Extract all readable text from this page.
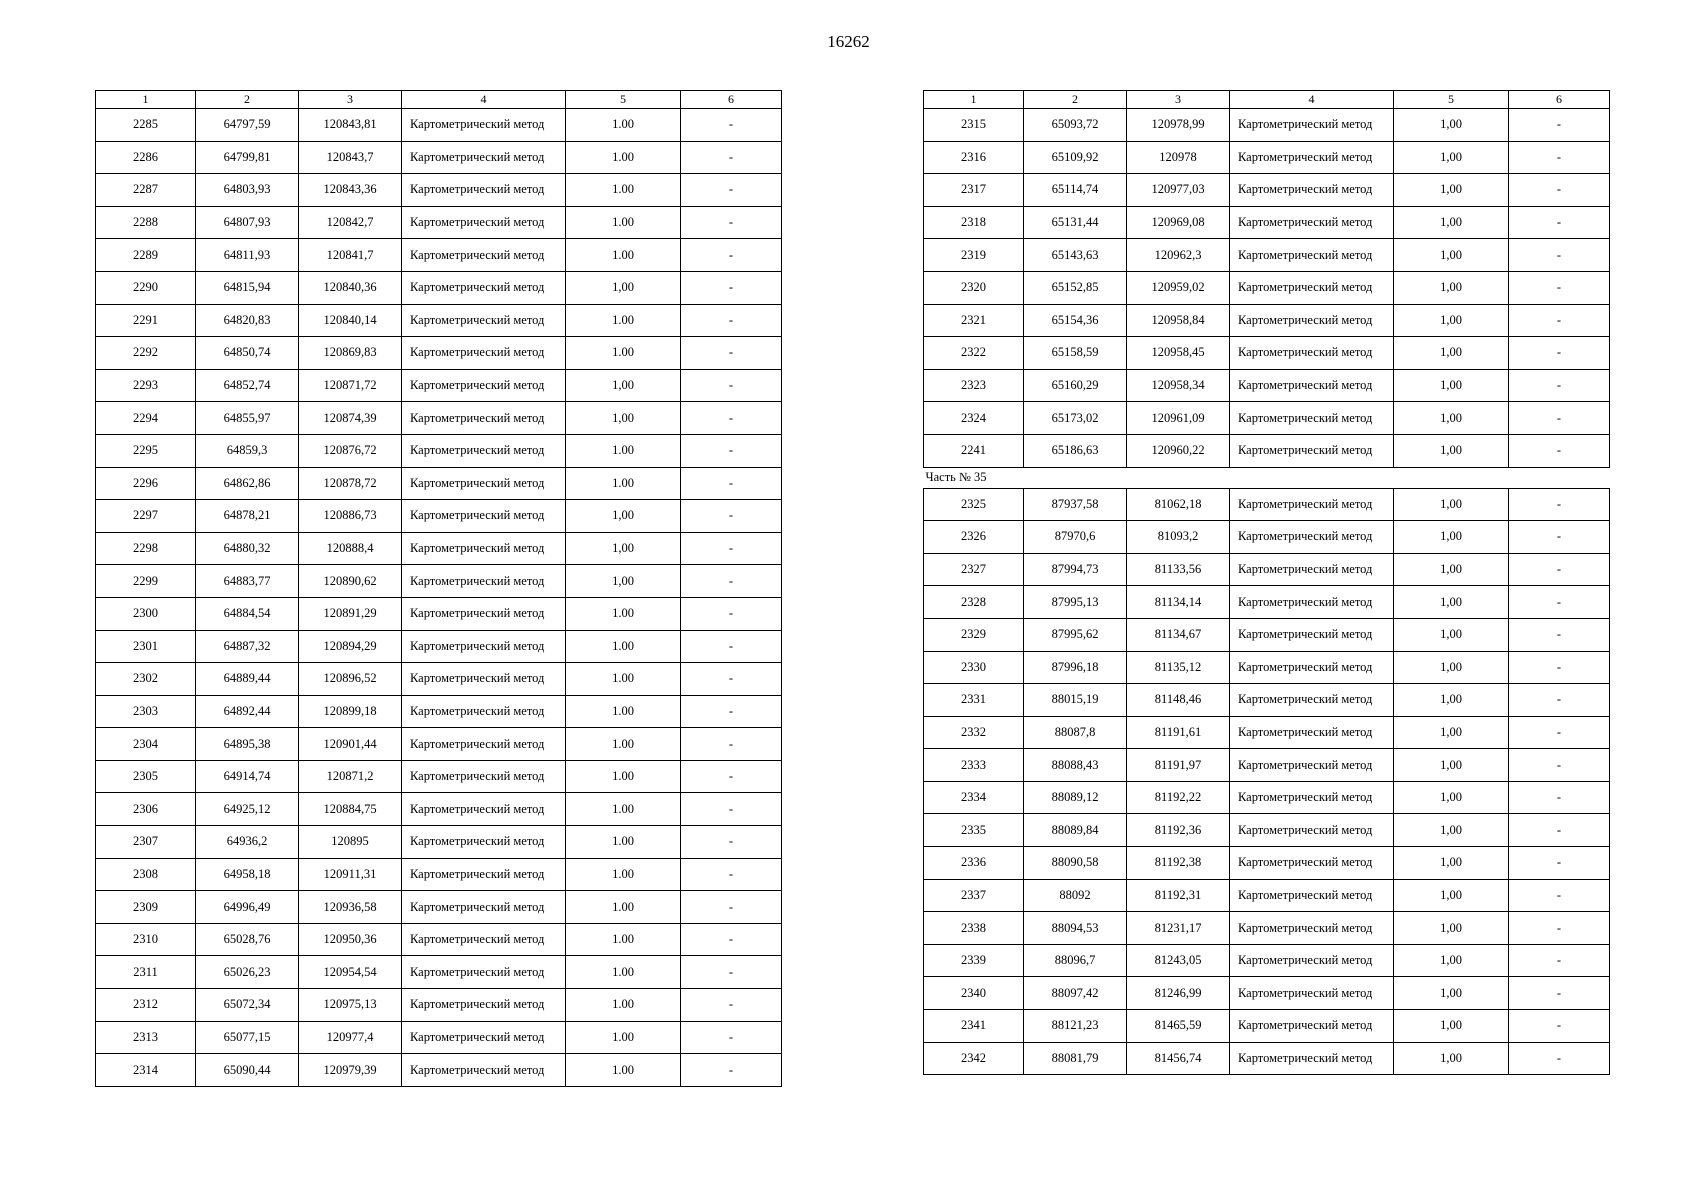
16262
1	2	3	4	5	6
2285	64797,59	120843,81	Картометрический метод	1.00	-
2286	64799,81	120843,7	Картометрический метод	1.00	-
2287	64803,93	120843,36	Картометрический метод	1.00	-
2288	64807,93	120842,7	Картометрический метод	1.00	-
2289	64811,93	120841,7	Картометрический метод	1.00	-
2290	64815,94	120840,36	Картометрический метод	1,00	-
2291	64820,83	120840,14	Картометрический метод	1.00	-
2292	64850,74	120869,83	Картометрический метод	1.00	-
2293	64852,74	120871,72	Картометрический метод	1,00	-
2294	64855,97	120874,39	Картометрический метод	1,00	-
2295	64859,3	120876,72	Картометрический метод	1.00	-
2296	64862,86	120878,72	Картометрический метод	1.00	-
2297	64878,21	120886,73	Картометрический метод	1,00	-
2298	64880,32	120888,4	Картометрический метод	1,00	-
2299	64883,77	120890,62	Картометрический метод	1,00	-
2300	64884,54	120891,29	Картометрический метод	1.00	-
2301	64887,32	120894,29	Картометрический метод	1.00	-
2302	64889,44	120896,52	Картометрический метод	1.00	-
2303	64892,44	120899,18	Картометрический метод	1.00	-
2304	64895,38	120901,44	Картометрический метод	1.00	-
2305	64914,74	120871,2	Картометрический метод	1.00	-
2306	64925,12	120884,75	Картометрический метод	1.00	-
2307	64936,2	120895	Картометрический метод	1.00	-
2308	64958,18	120911,31	Картометрический метод	1.00	-
2309	64996,49	120936,58	Картометрический метод	1.00	-
2310	65028,76	120950,36	Картометрический метод	1.00	-
2311	65026,23	120954,54	Картометрический метод	1.00	-
2312	65072,34	120975,13	Картометрический метод	1.00	-
2313	65077,15	120977,4	Картометрический метод	1.00	-
2314	65090,44	120979,39	Картометрический метод	1.00	-
1	2	3	4	5	6
2315	65093,72	120978,99	Картометрический метод	1,00	-
2316	65109,92	120978	Картометрический метод	1,00	-
2317	65114,74	120977,03	Картометрический метод	1,00	-
2318	65131,44	120969,08	Картометрический метод	1,00	-
2319	65143,63	120962,3	Картометрический метод	1,00	-
2320	65152,85	120959,02	Картометрический метод	1,00	-
2321	65154,36	120958,84	Картометрический метод	1,00	-
2322	65158,59	120958,45	Картометрический метод	1,00	-
2323	65160,29	120958,34	Картометрический метод	1,00	-
2324	65173,02	120961,09	Картометрический метод	1,00	-
2241	65186,63	120960,22	Картометрический метод	1,00	-
Часть № 35					
2325	87937,58	81062,18	Картометрический метод	1,00	-
2326	87970,6	81093,2	Картометрический метод	1,00	-
2327	87994,73	81133,56	Картометрический метод	1,00	-
2328	87995,13	81134,14	Картометрический метод	1,00	-
2329	87995,62	81134,67	Картометрический метод	1,00	-
2330	87996,18	81135,12	Картометрический метод	1,00	-
2331	88015,19	81148,46	Картометрический метод	1,00	-
2332	88087,8	81191,61	Картометрический метод	1,00	-
2333	88088,43	81191,97	Картометрический метод	1,00	-
2334	88089,12	81192,22	Картометрический метод	1,00	-
2335	88089,84	81192,36	Картометрический метод	1,00	-
2336	88090,58	81192,38	Картометрический метод	1,00	-
2337	88092	81192,31	Картометрический метод	1,00	-
2338	88094,53	81231,17	Картометрический метод	1,00	-
2339	88096,7	81243,05	Картометрический метод	1,00	-
2340	88097,42	81246,99	Картометрический метод	1,00	-
2341	88121,23	81465,59	Картометрический метод	1,00	-
2342	88081,79	81456,74	Картометрический метод	1,00	-
